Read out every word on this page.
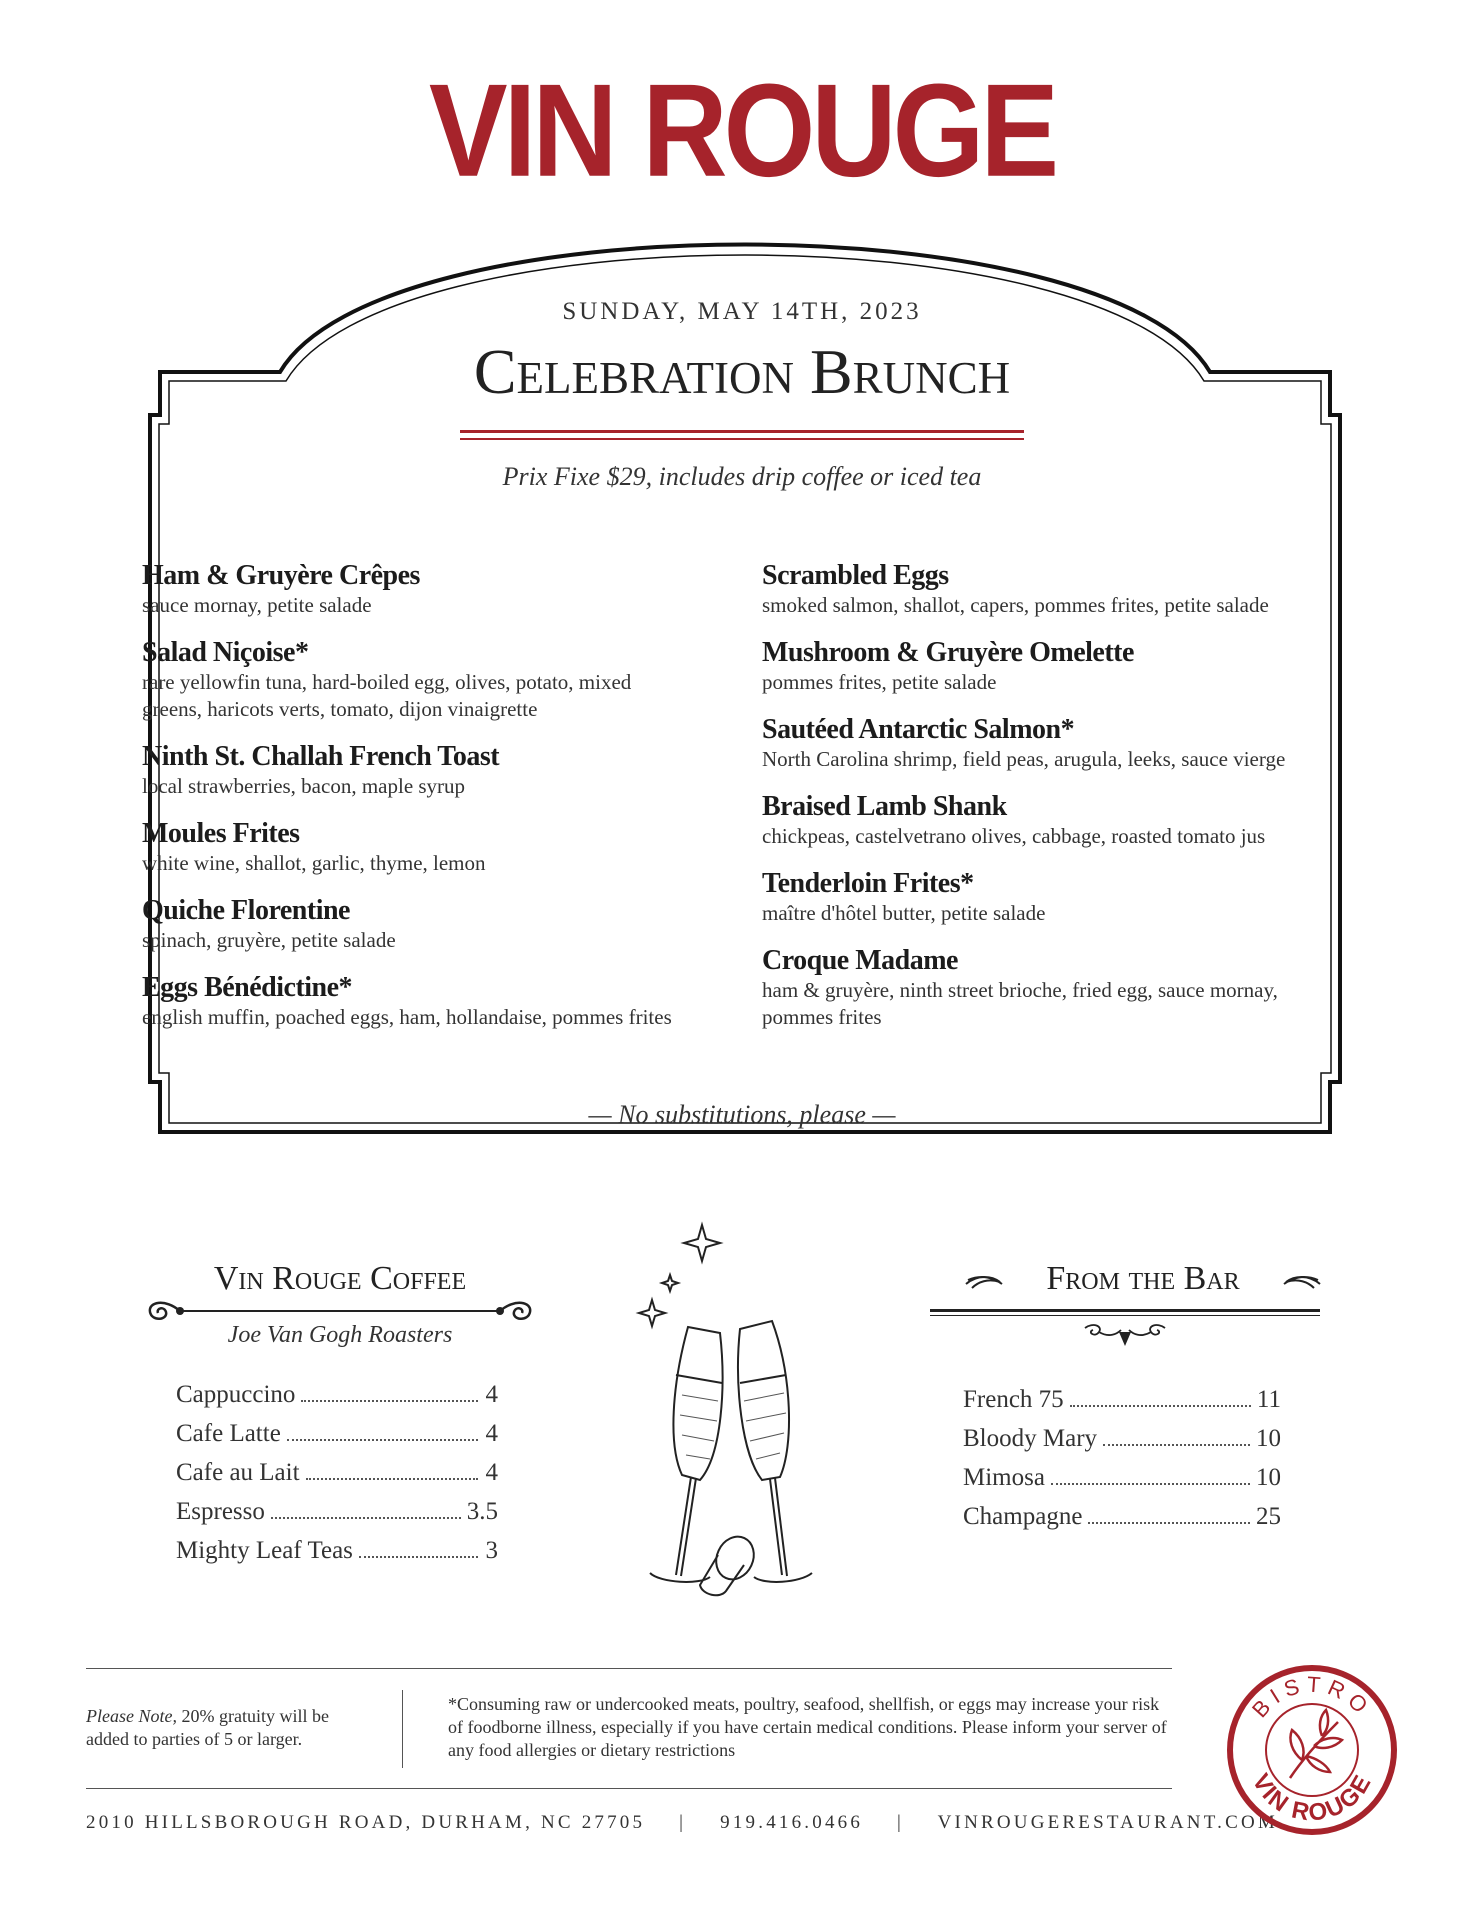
VIN ROUGE
SUNDAY, MAY 14TH, 2023
Celebration Brunch
Prix Fixe $29, includes drip coffee or iced tea
Ham & Gruyère Crêpes
sauce mornay, petite salade
Salad Niçoise*
rare yellowfin tuna, hard-boiled egg, olives, potato, mixed greens, haricots verts, tomato, dijon vinaigrette
Ninth St. Challah French Toast
local strawberries, bacon, maple syrup
Moules Frites
white wine, shallot, garlic, thyme, lemon
Quiche Florentine
spinach, gruyère, petite salade
Eggs Bénédictine*
english muffin, poached eggs, ham, hollandaise, pommes frites
Scrambled Eggs
smoked salmon, shallot, capers, pommes frites, petite salade
Mushroom & Gruyère Omelette
pommes frites, petite salade
Sautéed Antarctic Salmon*
North Carolina shrimp, field peas, arugula, leeks, sauce vierge
Braised Lamb Shank
chickpeas, castelvetrano olives, cabbage, roasted tomato jus
Tenderloin Frites*
maître d'hôtel butter, petite salade
Croque Madame
ham & gruyère, ninth street brioche, fried egg, sauce mornay, pommes frites
— No substitutions, please —
Vin Rouge Coffee
Joe Van Gogh Roasters
Cappuccino	4
Cafe Latte	4
Cafe au Lait	4
Espresso	3.5
Mighty Leaf Teas	3
From the Bar
French 75	11
Bloody Mary	10
Mimosa	10
Champagne	25
Please Note, 20% gratuity will be added to parties of 5 or larger.
*Consuming raw or undercooked meats, poultry, seafood, shellfish, or eggs may increase your risk of foodborne illness, especially if you have certain medical conditions. Please inform your server of any food allergies or dietary restrictions
2010 HILLSBOROUGH ROAD, DURHAM, NC 27705 | 919.416.0466 | VINROUGERESTAURANT.COM
BISTRO
VIN ROUGE
